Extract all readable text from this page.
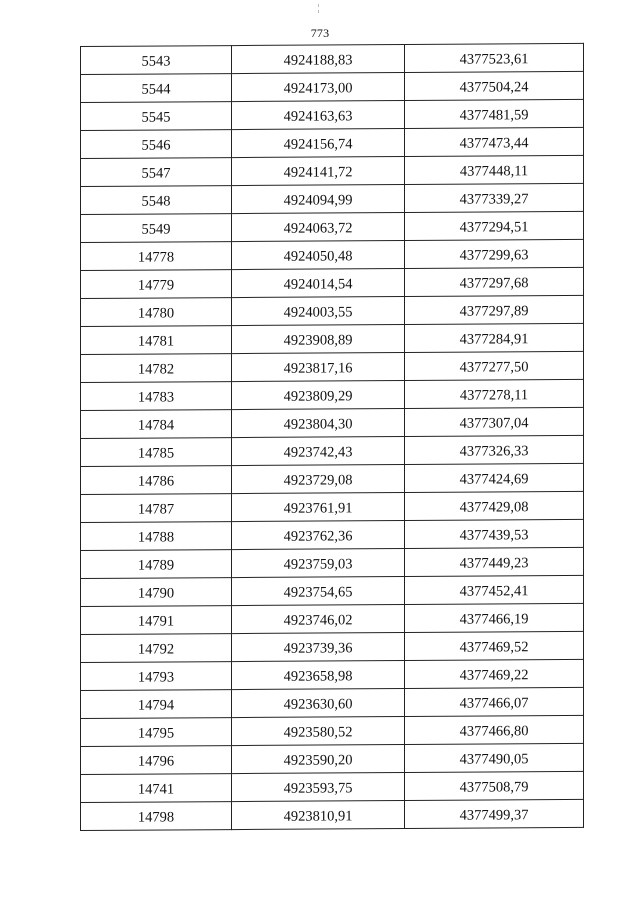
773
5543	4924188,83	4377523,61
5544	4924173,00	4377504,24
5545	4924163,63	4377481,59
5546	4924156,74	4377473,44
5547	4924141,72	4377448,11
5548	4924094,99	4377339,27
5549	4924063,72	4377294,51
14778	4924050,48	4377299,63
14779	4924014,54	4377297,68
14780	4924003,55	4377297,89
14781	4923908,89	4377284,91
14782	4923817,16	4377277,50
14783	4923809,29	4377278,11
14784	4923804,30	4377307,04
14785	4923742,43	4377326,33
14786	4923729,08	4377424,69
14787	4923761,91	4377429,08
14788	4923762,36	4377439,53
14789	4923759,03	4377449,23
14790	4923754,65	4377452,41
14791	4923746,02	4377466,19
14792	4923739,36	4377469,52
14793	4923658,98	4377469,22
14794	4923630,60	4377466,07
14795	4923580,52	4377466,80
14796	4923590,20	4377490,05
14741	4923593,75	4377508,79
14798	4923810,91	4377499,37
